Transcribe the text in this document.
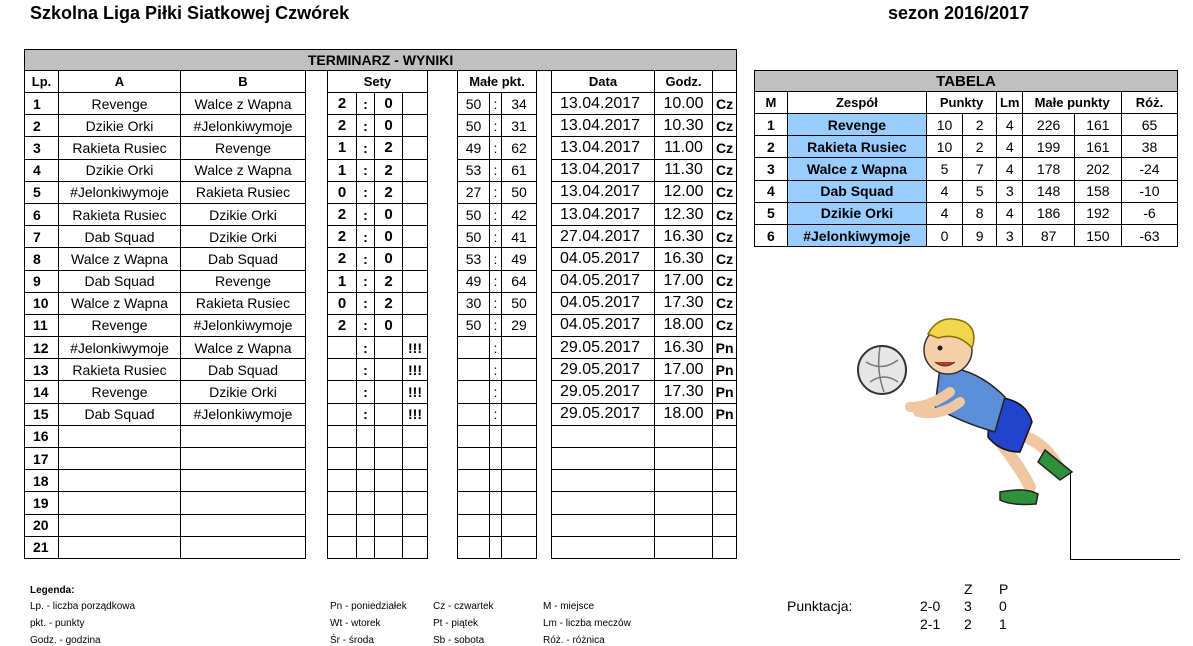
Szkolna Liga Piłki Siatkowej Czwórek	sezon 2016/2017
TERMINARZ - WYNIKI															
Lp.	A	B		Sety					Małe pkt.				Data	Godz.	
1	Revenge	Walce z Wapna		2	:	0			50	:	34		13.04.2017	10.00	Cz
2	Dzikie Orki	#Jelonkiwymoje		2	:	0			50	:	31		13.04.2017	10.30	Cz
3	Rakieta Rusiec	Revenge		1	:	2			49	:	62		13.04.2017	11.00	Cz
4	Dzikie Orki	Walce z Wapna		1	:	2			53	:	61		13.04.2017	11.30	Cz
5	#Jelonkiwymoje	Rakieta Rusiec		0	:	2			27	:	50		13.04.2017	12.00	Cz
6	Rakieta Rusiec	Dzikie Orki		2	:	0			50	:	42		13.04.2017	12.30	Cz
7	Dab Squad	Dzikie Orki		2	:	0			50	:	41		27.04.2017	16.30	Cz
8	Walce z Wapna	Dab Squad		2	:	0			53	:	49		04.05.2017	16.30	Cz
9	Dab Squad	Revenge		1	:	2			49	:	64		04.05.2017	17.00	Cz
10	Walce z Wapna	Rakieta Rusiec		0	:	2			30	:	50		04.05.2017	17.30	Cz
11	Revenge	#Jelonkiwymoje		2	:	0			50	:	29		04.05.2017	18.00	Cz
12	#Jelonkiwymoje	Walce z Wapna			:		!!!			:			29.05.2017	16.30	Pn
13	Rakieta Rusiec	Dab Squad			:		!!!			:			29.05.2017	17.00	Pn
14	Revenge	Dzikie Orki			:		!!!			:			29.05.2017	17.30	Pn
15	Dab Squad	#Jelonkiwymoje			:		!!!			:			29.05.2017	18.00	Pn
16															
17															
18															
19															
20															
21															
TABELA							
M	Zespół	Punkty		Lm	Małe punkty		Róż.
1	Revenge	10	2	4	226	161	65
2	Rakieta Rusiec	10	2	4	199	161	38
3	Walce z Wapna	5	7	4	178	202	-24
4	Dab Squad	4	5	3	148	158	-10
5	Dzikie Orki	4	8	4	186	192	-6
6	#Jelonkiwymoje	0	9	3	87	150	-63
Legenda:
Lp. - liczba porządkowa
pkt. - punkty
Godz. - godzina
Pn - poniedziałek
Wt - wtorek
Śr - środa
Cz - czwartek
Pt - piątek
Sb - sobota
M - miejsce
Lm - liczba meczów
Róż. - różnica
Punktacja:
Z P
2-0 3 0
2-1 2 1
